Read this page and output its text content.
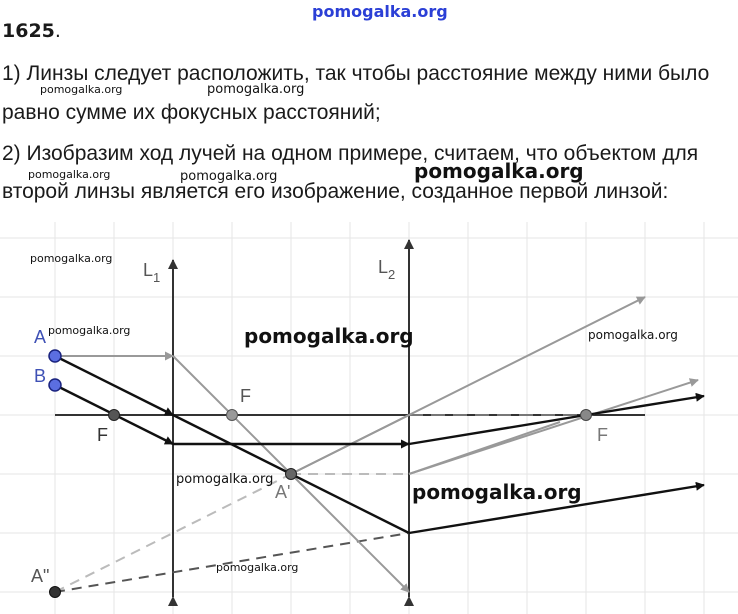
pomogalka.org
1625.
1) Линзы следует расположить, так чтобы расстояние между ними было
равно сумме их фокусных расстояний;
2) Изобразим ход лучей на одном примере, считаем, что объектом для
второй линзы является его изображение, созданное первой линзой:
pomogalka.org	pomogalka.org
pomogalka.org	pomogalka.org	pomogalka.org
$L_1$
$L_2$
A
B
F
F
F
A'
A"
pomogalka.org
pomogalka.org	pomogalka.org	pomogalka.org
pomogalka.org
pomogalka.org
pomogalka.org
